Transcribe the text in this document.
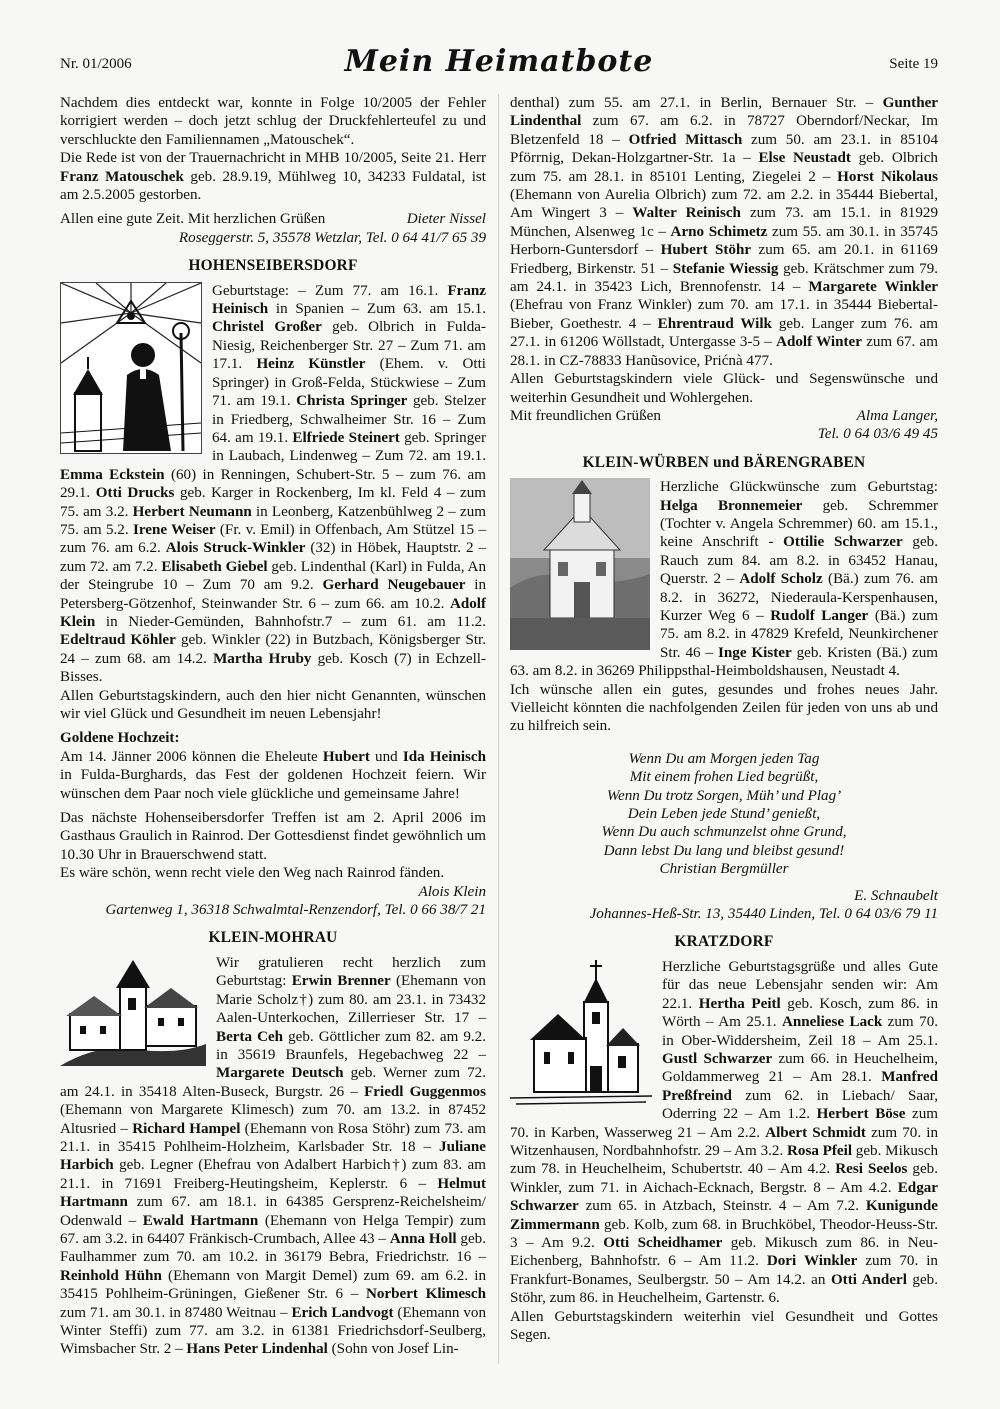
Nr. 01/2006	Mein Heimatbote	Seite 19

Nachdem dies entdeckt war, konnte in Folge 10/2005 der Fehler korrigiert werden – doch jetzt schlug der Druckfehlerteufel zu und verschluckte den Familiennamen „Matouschek“.

Die Rede ist von der Trauernachricht in MHB 10/2005, Seite 21. Herr Franz Matouschek geb. 28.9.19, Mühlweg 10, 34233 Fuldatal, ist am 2.5.2005 gestorben.

Allen eine gute Zeit. Mit herzlichen Grüßen	Dieter Nissel

Roseggerstr. 5, 35578 Wetzlar, Tel. 0 64 41/7 65 39

HOHENSEIBERSDORF

Geburtstage: – Zum 77. am 16.1. Franz Heinisch in Spanien – Zum 63. am 15.1. Christel Großer geb. Olbrich in Fulda-Niesig, Reichenberger Str. 27 – Zum 71. am 17.1. Heinz Künstler (Ehem. v. Otti Springer) in Groß-Felda, Stückwiese – Zum 71. am 19.1. Christa Springer geb. Stelzer in Friedberg, Schwalheimer Str. 16 – Zum 64. am 19.1. Elfriede Steinert geb. Springer in Laubach, Lindenweg – Zum 72. am 19.1. Emma Eckstein (60) in Renningen, Schubert-Str. 5 – zum 76. am 29.1. Otti Drucks geb. Karger in Rockenberg, Im kl. Feld 4 – zum 75. am 3.2. Herbert Neumann in Leonberg, Katzenbühlweg 2 – zum 75. am 5.2. Irene Weiser (Fr. v. Emil) in Offenbach, Am Stützel 15 – zum 76. am 6.2. Alois Struck-Winkler (32) in Höbek, Hauptstr. 2 – zum 72. am 7.2. Elisabeth Giebel geb. Lindenthal (Karl) in Fulda, An der Steingrube 10 – Zum 70 am 9.2. Gerhard Neugebauer in Petersberg-Götzenhof, Steinwander Str. 6 – zum 66. am 10.2. Adolf Klein in Nieder-Gemünden, Bahnhofstr.7 – zum 61. am 11.2. Edeltraud Köhler geb. Winkler (22) in Butzbach, Königsberger Str. 24 – zum 68. am 14.2. Martha Hruby geb. Kosch (7) in Echzell-Bisses.

Allen Geburtstagskindern, auch den hier nicht Genannten, wünschen wir viel Glück und Gesundheit im neuen Lebensjahr!

Goldene Hochzeit:

Am 14. Jänner 2006 können die Eheleute Hubert und Ida Heinisch in Fulda-Burghards, das Fest der goldenen Hochzeit feiern. Wir wünschen dem Paar noch viele glückliche und gemeinsame Jahre!

Das nächste Hohenseibersdorfer Treffen ist am 2. April 2006 im Gasthaus Graulich in Rainrod. Der Gottesdienst findet gewöhnlich um 10.30 Uhr in Brauerschwend statt.

Es wäre schön, wenn recht viele den Weg nach Rainrod fänden.

Alois Klein

Gartenweg 1, 36318 Schwalmtal-Renzendorf, Tel. 0 66 38/7 21

KLEIN-MOHRAU

Wir gratulieren recht herzlich zum Geburtstag: Erwin Brenner (Ehemann von Marie Scholz†) zum 80. am 23.1. in 73432 Aalen-Unterkochen, Zillerrieser Str. 17 – Berta Ceh geb. Göttlicher zum 82. am 9.2. in 35619 Braunfels, Hegebachweg 22 – Margarete Deutsch geb. Werner zum 72. am 24.1. in 35418 Alten-Buseck, Burgstr. 26 – Friedl Guggenmos (Ehemann von Margarete Klimesch) zum 70. am 13.2. in 87452 Altusried – Richard Hampel (Ehemann von Rosa Stöhr) zum 73. am 21.1. in 35415 Pohlheim-Holzheim, Karlsbader Str. 18 – Juliane Harbich geb. Legner (Ehefrau von Adalbert Harbich†) zum 83. am 21.1. in 71691 Freiberg-Heutingsheim, Keplerstr. 6 – Helmut Hartmann zum 67. am 18.1. in 64385 Gersprenz-Reichelsheim/ Odenwald – Ewald Hartmann (Ehemann von Helga Tempir) zum 67. am 3.2. in 64407 Fränkisch-Crumbach, Allee 43 – Anna Holl geb. Faulhammer zum 70. am 10.2. in 36179 Bebra, Friedrichstr. 16 – Reinhold Hühn (Ehemann von Margit Demel) zum 69. am 6.2. in 35415 Pohlheim-Grüningen, Gießener Str. 6 – Norbert Klimesch zum 71. am 30.1. in 87480 Weitnau – Erich Landvogt (Ehemann von Winter Steffi) zum 77. am 3.2. in 61381 Friedrichsdorf-Seulberg, Wimsbacher Str. 2 – Hans Peter Lindenhal (Sohn von Josef Lin-

denthal) zum 55. am 27.1. in Berlin, Bernauer Str. – Gunther Lindenthal zum 67. am 6.2. in 78727 Oberndorf/Neckar, Im Bletzenfeld 18 – Otfried Mittasch zum 50. am 23.1. in 85104 Pförrnig, Dekan-Holzgartner-Str. 1a – Else Neustadt geb. Olbrich zum 75. am 28.1. in 85101 Lenting, Ziegelei 2 – Horst Nikolaus (Ehemann von Aurelia Olbrich) zum 72. am 2.2. in 35444 Biebertal, Am Wingert 3 – Walter Reinisch zum 73. am 15.1. in 81929 München, Alsenweg 1c – Arno Schimetz zum 55. am 30.1. in 35745 Herborn-Guntersdorf – Hubert Stöhr zum 65. am 20.1. in 61169 Friedberg, Birkenstr. 51 – Stefanie Wiessig geb. Krätschmer zum 79. am 24.1. in 35423 Lich, Brennofenstr. 14 – Margarete Winkler (Ehefrau von Franz Winkler) zum 70. am 17.1. in 35444 Biebertal-Bieber, Goethestr. 4 – Ehrentraud Wilk geb. Langer zum 76. am 27.1. in 61206 Wöllstadt, Untergasse 3-5 – Adolf Winter zum 67. am 28.1. in CZ-78833 Hanũsovice, Prićnà 477.

Allen Geburtstagskindern viele Glück- und Segenswünsche und weiterhin Gesundheit und Wohlergehen.

Mit freundlichen Grüßen	Alma Langer,

Tel. 0 64 03/6 49 45

KLEIN-WÜRBEN und BÄRENGRABEN

Herzliche Glückwünsche zum Geburtstag: Helga Bronnemeier geb. Schremmer (Tochter v. Angela Schremmer) 60. am 15.1., keine Anschrift - Ottilie Schwarzer geb. Rauch zum 84. am 8.2. in 63452 Hanau, Querstr. 2 – Adolf Scholz (Bä.) zum 76. am 8.2. in 36272, Niederaula-Kerspenhausen, Kurzer Weg 6 – Rudolf Langer (Bä.) zum 75. am 8.2. in 47829 Krefeld, Neunkirchener Str. 46 – Inge Kister geb. Kristen (Bä.) zum 63. am 8.2. in 36269 Philippsthal-Heimboldshausen, Neustadt 4.

Ich wünsche allen ein gutes, gesundes und frohes neues Jahr. Vielleicht könnten die nachfolgenden Zeilen für jeden von uns ab und zu hilfreich sein.

Wenn Du am Morgen jeden Tag
Mit einem frohen Lied begrüßt,
Wenn Du trotz Sorgen, Müh’ und Plag’
Dein Leben jede Stund’ genießt,
Wenn Du auch schmunzelst ohne Grund,
Dann lebst Du lang und bleibst gesund!
Christian Bergmüller

E. Schnaubelt

Johannes-Heß-Str. 13, 35440 Linden, Tel. 0 64 03/6 79 11

KRATZDORF

Herzliche Geburtstagsgrüße und alles Gute für das neue Lebensjahr senden wir: Am 22.1. Hertha Peitl geb. Kosch, zum 86. in Wörth – Am 25.1. Anneliese Lack zum 70. in Ober-Widdersheim, Zeil 18 – Am 25.1. Gustl Schwarzer zum 66. in Heuchelheim, Goldammerweg 21 – Am 28.1. Manfred Preßfreind zum 62. in Liebach/ Saar, Oderring 22 – Am 1.2. Herbert Böse zum 70. in Karben, Wasserweg 21 – Am 2.2. Albert Schmidt zum 70. in Witzenhausen, Nordbahnhofstr. 29 – Am 3.2. Rosa Pfeil geb. Mikusch zum 78. in Heuchelheim, Schubertstr. 40 – Am 4.2. Resi Seelos geb. Winkler, zum 71. in Aichach-Ecknach, Bergstr. 8 – Am 4.2. Edgar Schwarzer zum 65. in Atzbach, Steinstr. 4 – Am 7.2. Kunigunde Zimmermann geb. Kolb, zum 68. in Bruchköbel, Theodor-Heuss-Str. 3 – Am 9.2. Otti Scheidhamer geb. Mikusch zum 86. in Neu-Eichenberg, Bahnhofstr. 6 – Am 11.2. Dori Winkler zum 70. in Frankfurt-Bonames, Seulbergstr. 50 – Am 14.2. an Otti Anderl geb. Stöhr, zum 86. in Heuchelheim, Gartenstr. 6.

Allen Geburtstagskindern weiterhin viel Gesundheit und Gottes Segen.
